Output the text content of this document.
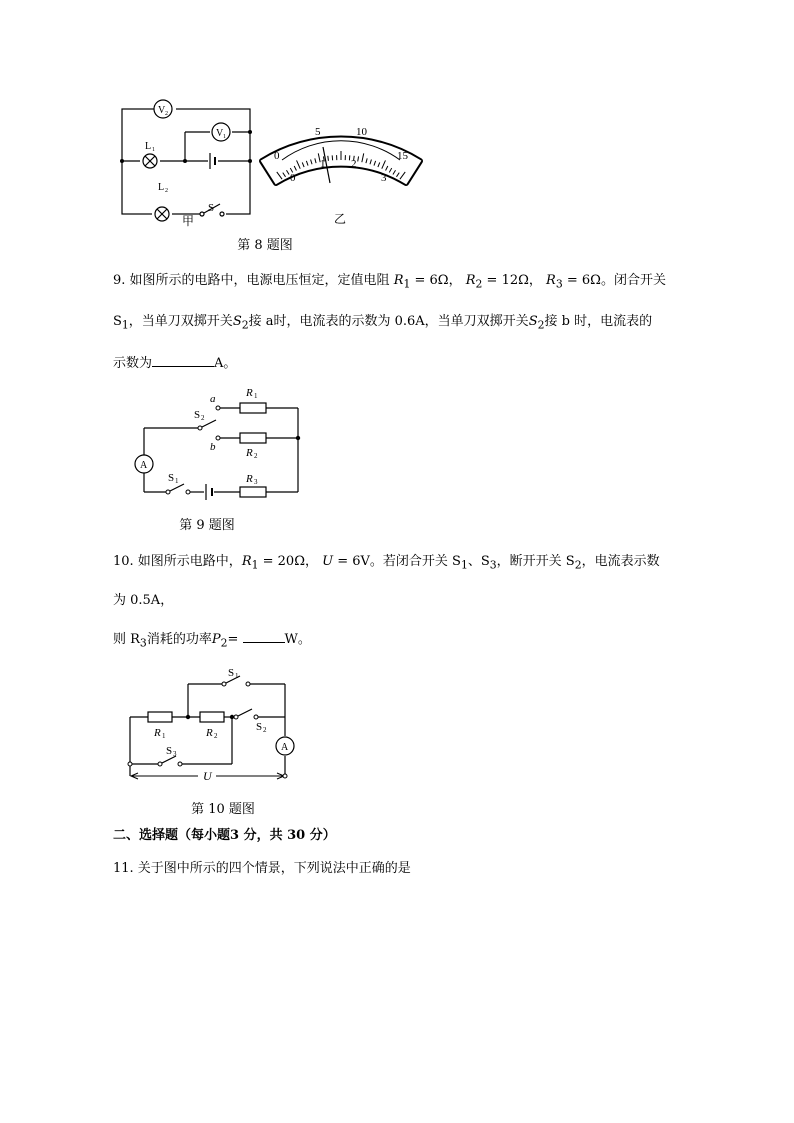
V 2
V 1
L 1
L 2
S
甲
0
5	10
15
0
1 2
3
乙
第 8 题图
9. 如图所示的电路中，电源电压恒定，定值电阻 $R_1 = 6\Omega$， $R_2 = 12\Omega$， $R_3 = 6\Omega$。闭合开关
$S_1$，当单刀双掷开关$S_2$接 a时，电流表的示数为 0.6A，当单刀双掷开关$S_2$接 b 时，电流表的
示数为	A。
A
a
b
S 2
S 1
R 1
R 2
R 3
第 9 题图
10. 如图所示电路中，$R_1 = 20\Omega$， U = 6V。若闭合开关 $S_1$、$S_3$，断开开关 $S_2$，电流表示数
为 0.5A，
则 $R_3$消耗的功率$P_2=$	W。
A
S 1
S 2
S 3
R 1	R 2
U
第 10 题图
二、选择题（每小题3 分，共 30 分）
11. 关于图中所示的四个情景，下列说法中正确的是
